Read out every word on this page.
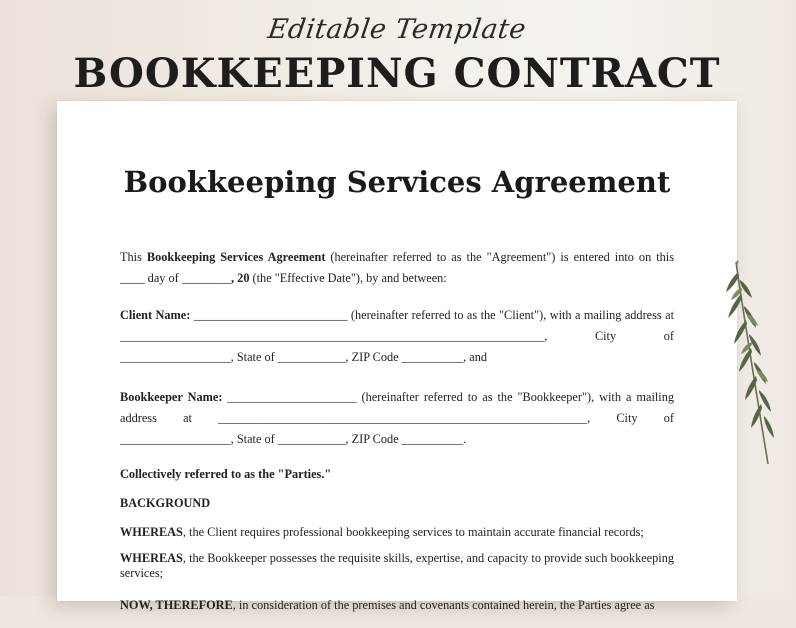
Editable Template
BOOKKEEPING CONTRACT
Bookkeeping Services Agreement

This Bookkeeping Services Agreement (hereinafter referred to as the "Agreement") is entered into on this ____ day of ________, 20 (the "Effective Date"), by and between:

Client Name: _________________________ (hereinafter referred to as the "Client"), with a mailing address at _____________________________________________________________________, City of __________________, State of ___________, ZIP Code __________, and

Bookkeeper Name: _____________________ (hereinafter referred to as the "Bookkeeper"), with a mailing address at ____________________________________________________________, City of __________________, State of ___________, ZIP Code __________.

Collectively referred to as the "Parties."

BACKGROUND

WHEREAS, the Client requires professional bookkeeping services to maintain accurate financial records;

WHEREAS, the Bookkeeper possesses the requisite skills, expertise, and capacity to provide such bookkeeping services;

NOW, THEREFORE, in consideration of the premises and covenants contained herein, the Parties agree as
